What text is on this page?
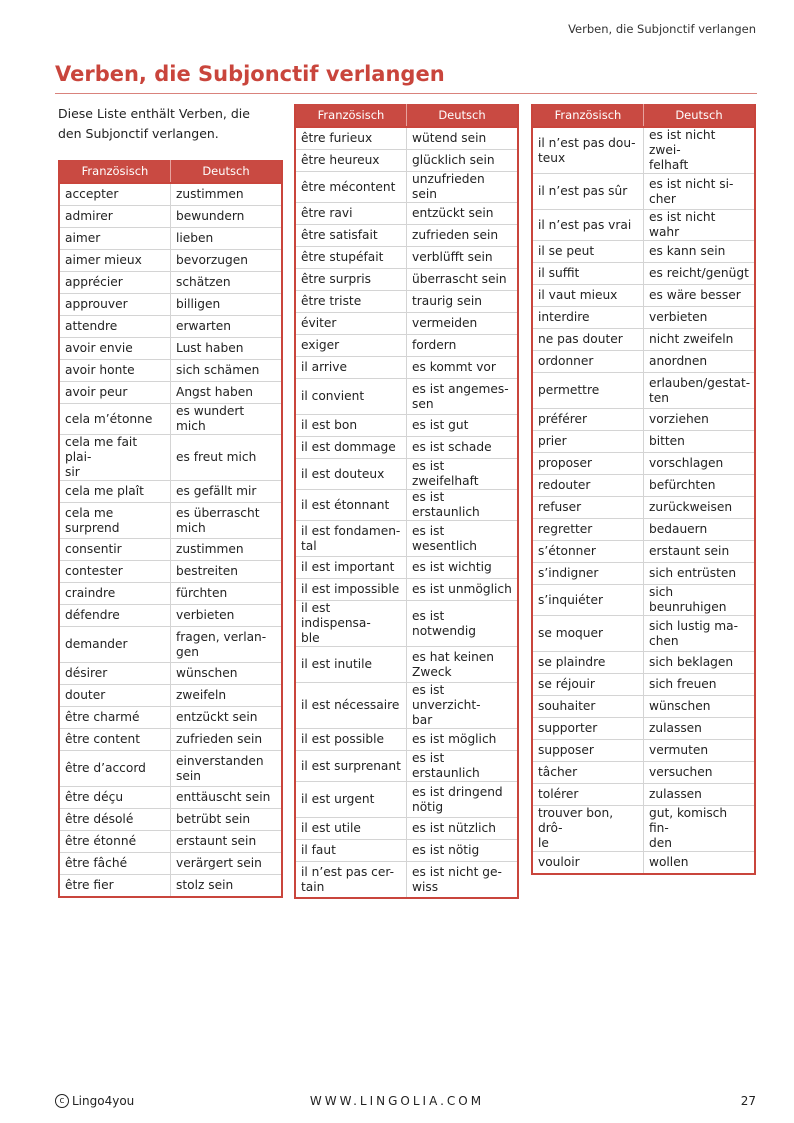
Verben, die Subjonctif verlangen
Verben, die Subjonctif verlangen

Diese Liste enthält Verben, die den Subjonctif verlangen.

Französisch	Deutsch
accepter	zustimmen
admirer	bewundern
aimer	lieben
aimer mieux	bevorzugen
apprécier	schätzen
approuver	billigen
attendre	erwarten
avoir envie	Lust haben
avoir honte	sich schämen
avoir peur	Angst haben
cela m’étonne	es wundert mich
cela me fait plai-
sir	es freut mich
cela me plaît	es gefällt mir
cela me surprend	es überrascht
mich
consentir	zustimmen
contester	bestreiten
craindre	fürchten
défendre	verbieten
demander	fragen, verlan-
gen
désirer	wünschen
douter	zweifeln
être charmé	entzückt sein
être content	zufrieden sein
être d’accord	einverstanden
sein
être déçu	enttäuscht sein
être désolé	betrübt sein
être étonné	erstaunt sein
être fâché	verärgert sein
être fier	stolz sein
Französisch	Deutsch
être furieux	wütend sein
être heureux	glücklich sein
être mécontent	unzufrieden sein
être ravi	entzückt sein
être satisfait	zufrieden sein
être stupéfait	verblüfft sein
être surpris	überrascht sein
être triste	traurig sein
éviter	vermeiden
exiger	fordern
il arrive	es kommt vor
il convient	es ist angemes-
sen
il est bon	es ist gut
il est dommage	es ist schade
il est douteux	es ist zweifelhaft
il est étonnant	es ist erstaunlich
il est fondamen-
tal	es ist wesentlich
il est important	es ist wichtig
il est impossible	es ist unmöglich
il est indispensa-
ble	es ist notwendig
il est inutile	es hat keinen
Zweck
il est nécessaire	es ist unverzicht-
bar
il est possible	es ist möglich
il est surprenant	es ist erstaunlich
il est urgent	es ist dringend
nötig
il est utile	es ist nützlich
il faut	es ist nötig
il n’est pas cer-
tain	es ist nicht ge-
wiss
Französisch	Deutsch
il n’est pas dou-
teux	es ist nicht zwei-
felhaft
il n’est pas sûr	es ist nicht si-
cher
il n’est pas vrai	es ist nicht wahr
il se peut	es kann sein
il suffit	es reicht/genügt
il vaut mieux	es wäre besser
interdire	verbieten
ne pas douter	nicht zweifeln
ordonner	anordnen
permettre	erlauben/gestat-
ten
préférer	vorziehen
prier	bitten
proposer	vorschlagen
redouter	befürchten
refuser	zurückweisen
regretter	bedauern
s’étonner	erstaunt sein
s’indigner	sich entrüsten
s’inquiéter	sich beunruhigen
se moquer	sich lustig ma-
chen
se plaindre	sich beklagen
se réjouir	sich freuen
souhaiter	wünschen
supporter	zulassen
supposer	vermuten
tâcher	versuchen
tolérer	zulassen
trouver bon, drô-
le	gut, komisch fin-
den
vouloir	wollen
c Lingo4you	WWW.LINGOLIA.COM	27
